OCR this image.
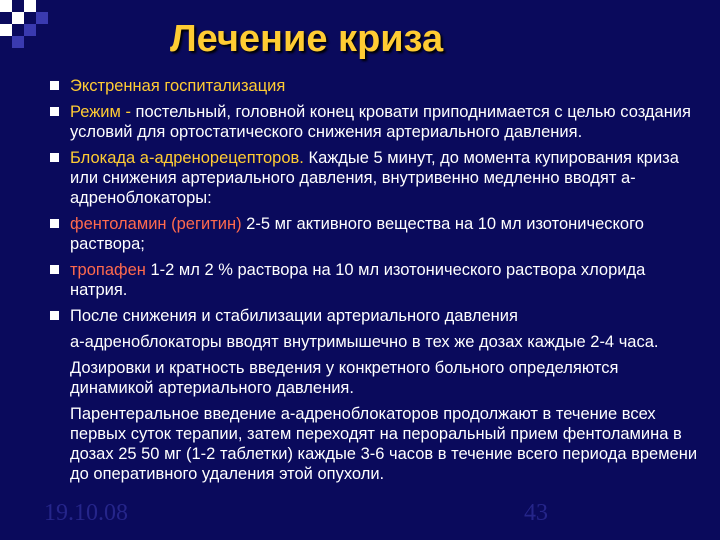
Лечение криза
Экстренная госпитализация
Режим - постельный, головной конец кровати приподнимается с целью создания условий для ортостатического снижения артериального давления.
Блокада а-адренорецепторов. Каждые 5 минут, до момента купирования криза или снижения артериального давления, внутривенно медленно вводят а-адреноблокаторы:
фентоламин (регитин) 2-5 мг активного вещества на 10 мл изотонического раствора;
тропафен 1-2 мл 2 % раствора на 10 мл изотонического раствора хлорида натрия.
После снижения и стабилизации артериального давления
а-адреноблокаторы вводят внутримышечно в тех же дозах каждые 2-4 часа.
Дозировки и кратность введения у конкретного больного определяются динамикой артериального давления.
Парентеральное введение а-адреноблокаторов продолжают в течение всех первых суток терапии, затем переходят на пероральный прием фентоламина в дозах 25 50 мг (1-2 таблетки) каждые 3-6 часов в течение всего периода времени до оперативного удаления этой опухоли.
19.10.08	43
